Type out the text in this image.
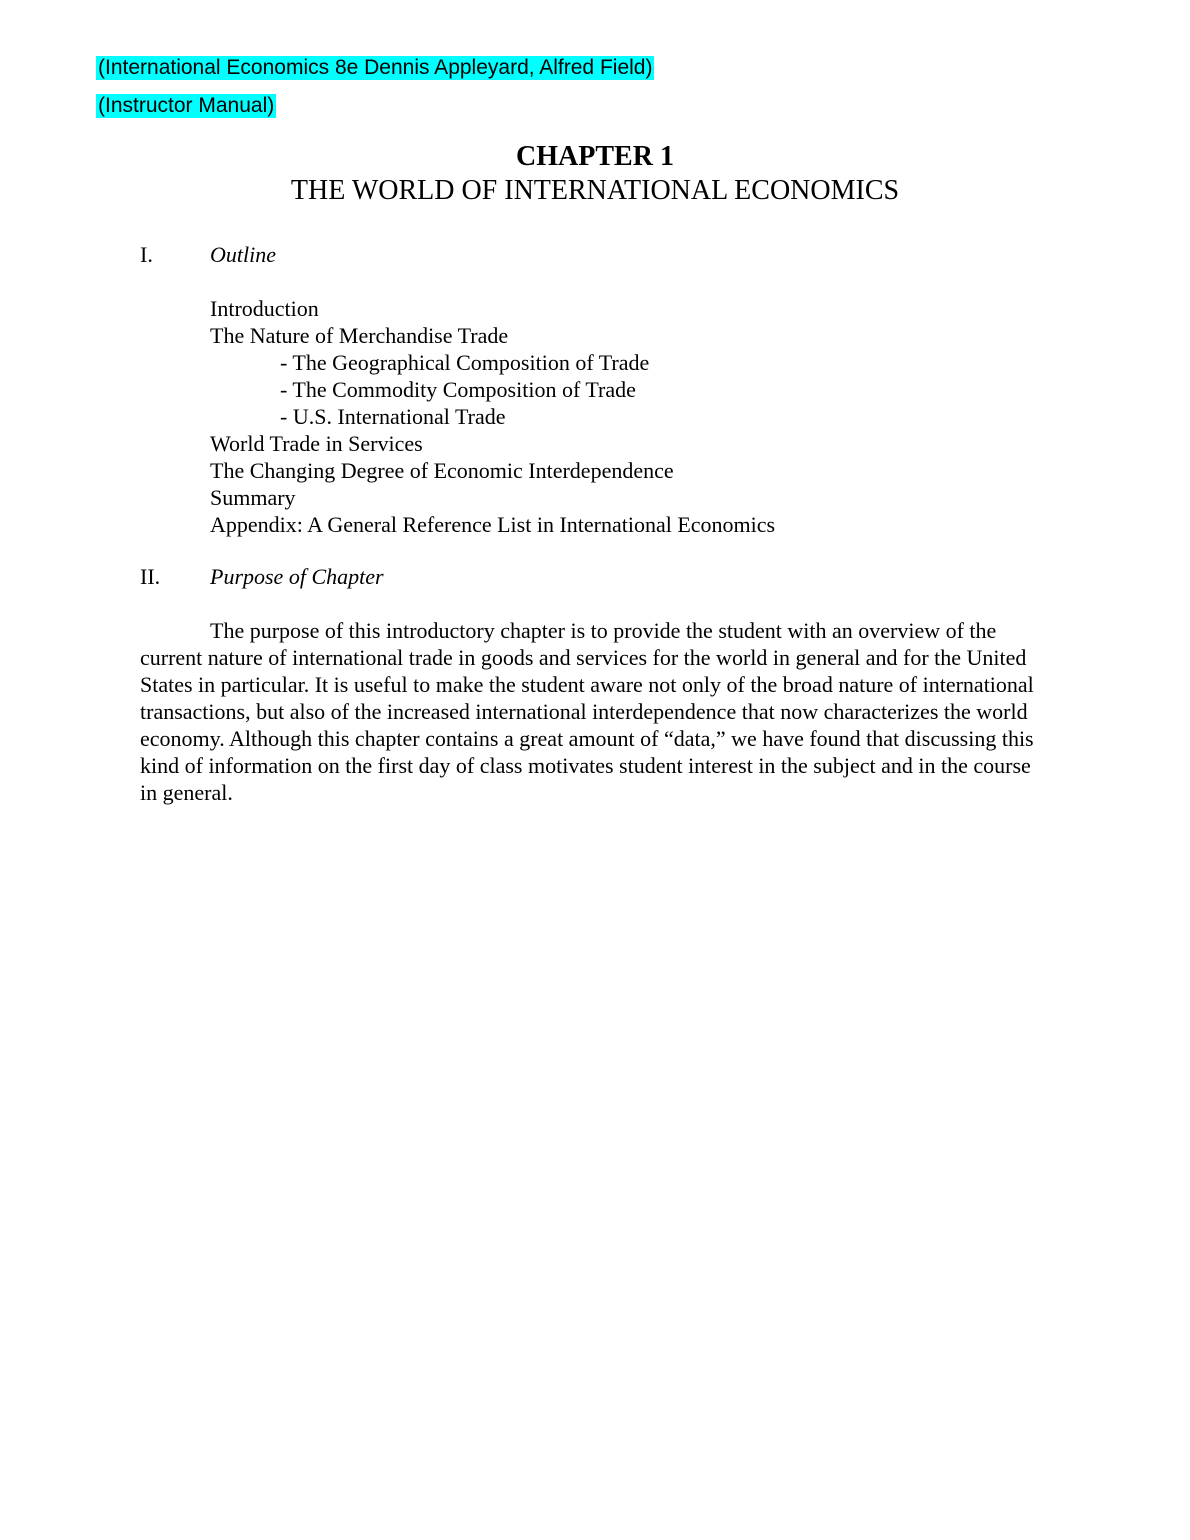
(International Economics 8e Dennis Appleyard, Alfred Field)
(Instructor Manual)
CHAPTER 1
THE WORLD OF INTERNATIONAL ECONOMICS
I.	Outline
Introduction
The Nature of Merchandise Trade
- The Geographical Composition of Trade
- The Commodity Composition of Trade
- U.S. International Trade
World Trade in Services
The Changing Degree of Economic Interdependence
Summary
Appendix: A General Reference List in International Economics
II. Purpose of Chapter

The purpose of this introductory chapter is to provide the student with an overview of the current nature of international trade in goods and services for the world in general and for the United States in particular. It is useful to make the student aware not only of the broad nature of international transactions, but also of the increased international interdependence that now characterizes the world economy. Although this chapter contains a great amount of “data,” we have found that discussing this kind of information on the first day of class motivates student interest in the subject and in the course in general.
